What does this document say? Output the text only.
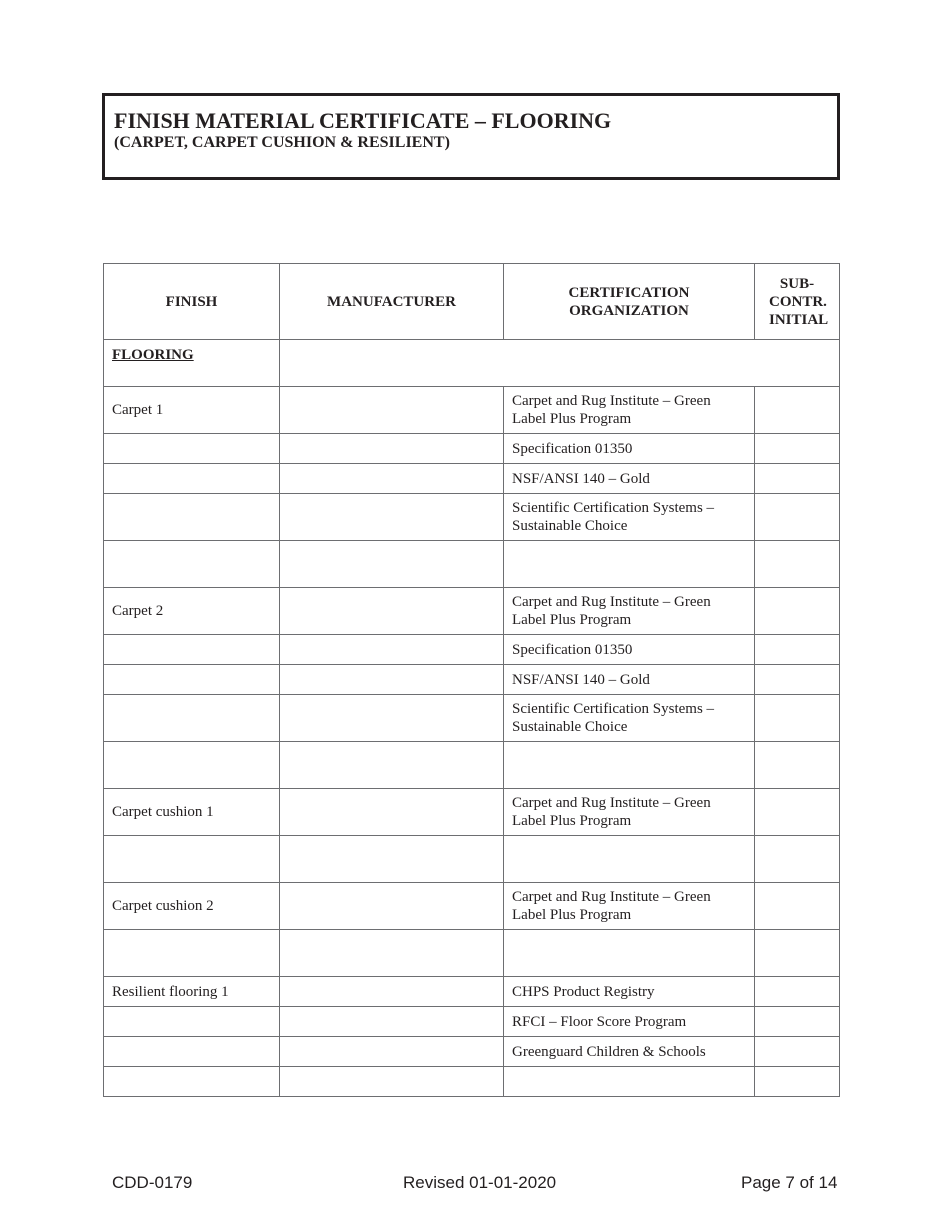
FINISH MATERIAL CERTIFICATE – FLOORING
(CARPET, CARPET CUSHION & RESILIENT)
FINISH	MANUFACTURER	CERTIFICATION ORGANIZATION	SUB- CONTR. INITIAL
FLOORING			
Carpet 1		Carpet and Rug Institute – Green Label Plus Program	
		Specification 01350	
		NSF/ANSI 140 – Gold	
		Scientific Certification Systems – Sustainable Choice	

Carpet 2		Carpet and Rug Institute – Green Label Plus Program	
		Specification 01350	
		NSF/ANSI 140 – Gold	
		Scientific Certification Systems – Sustainable Choice	

Carpet cushion 1		Carpet and Rug Institute – Green Label Plus Program	

Carpet cushion 2		Carpet and Rug Institute – Green Label Plus Program	

Resilient flooring 1		CHPS Product Registry	
		RFCI – Floor Score Program	
		Greenguard Children & Schools	

CDD-0179	Revised 01-01-2020	Page 7 of 14
